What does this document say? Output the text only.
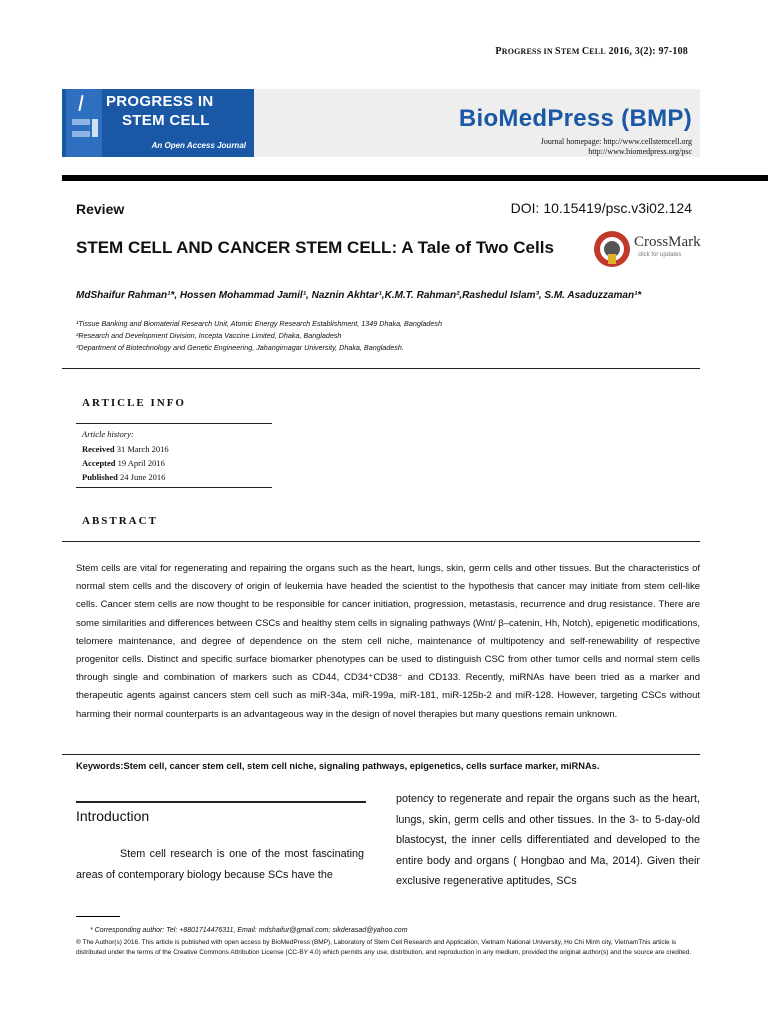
PROGRESS IN STEM CELL 2016, 3(2): 97-108
PROGRESS IN
STEM CELL
An Open Access Journal
BioMedPress (BMP)
Journal homepage: http://www.cellstemcell.org
http://www.biomedpress.org/psc
Review	DOI: 10.15419/psc.v3i02.124
STEM CELL AND CANCER STEM CELL: A Tale of Two Cells	CrossMark
click for updates
MdShaifur Rahman¹*, Hossen Mohammad Jamil¹, Naznin Akhtar¹,K.M.T. Rahman²,Rashedul Islam³, S.M. Asaduzzaman¹*
¹Tissue Banking and Biomaterial Research Unit, Atomic Energy Research Establishment, 1349 Dhaka, Bangladesh
²Research and Development Division, Incepta Vaccine Limited, Dhaka, Bangladesh
³Department of Biotechnology and Genetic Engineering, Jahangirnagar University, Dhaka, Bangladesh.
ARTICLE INFO
Article history:
Received 31 March 2016
Accepted 19 April 2016
Published 24 June 2016
ABSTRACT
Stem cells are vital for regenerating and repairing the organs such as the heart, lungs, skin, germ cells and other tissues. But the characteristics of normal stem cells and the discovery of origin of leukemia have headed the scientist to the hypothesis that cancer may initiate from stem cell-like cells. Cancer stem cells are now thought to be responsible for cancer initiation, progression, metastasis, recurrence and drug resistance. There are some similarities and differences between CSCs and healthy stem cells in signaling pathways (Wnt/ β–catenin, Hh, Notch), epigenetic modifications, telomere maintenance, and degree of dependence on the stem cell niche, maintenance of multipotency and self-renewability of respective progenitor cells. Distinct and specific surface biomarker phenotypes can be used to distinguish CSC from other tumor cells and normal stem cells through single and combination of markers such as CD44, CD34⁺CD38⁻ and CD133. Recently, miRNAs have been tried as a marker and therapeutic agents against cancers stem cell such as miR-34a, miR-199a, miR-181, miR-125b-2 and miR-128. However, targeting CSCs without harming their normal counterparts is an advantageous way in the design of novel therapies but many questions remain unknown.
Keywords:Stem cell, cancer stem cell, stem cell niche, signaling pathways, epigenetics, cells surface marker, miRNAs.
Introduction
Stem cell research is one of the most fascinating areas of contemporary biology because SCs have the
potency to regenerate and repair the organs such as the heart, lungs, skin, germ cells and other tissues. In the 3- to 5-day-old blastocyst, the inner cells differentiated and developed to the entire body and organs ( Hongbao and Ma, 2014). Given their exclusive regenerative aptitudes, SCs
* Corresponding author: Tel: +8801714476311, Email: mdshaifur@gmail.com; sikderasad@yahoo.com
® The Author(s) 2016. This article is published with open access by BioMedPress (BMP), Laboratory of Stem Cell Research and Application, Vietnam National University, Ho Chi Minh city, VietnamThis article is distributed under the terms of the Creative Commons Attribution License (CC-BY 4.0) which permits any use, distribution, and reproduction in any medium, provided the original author(s) and the source are credited.
